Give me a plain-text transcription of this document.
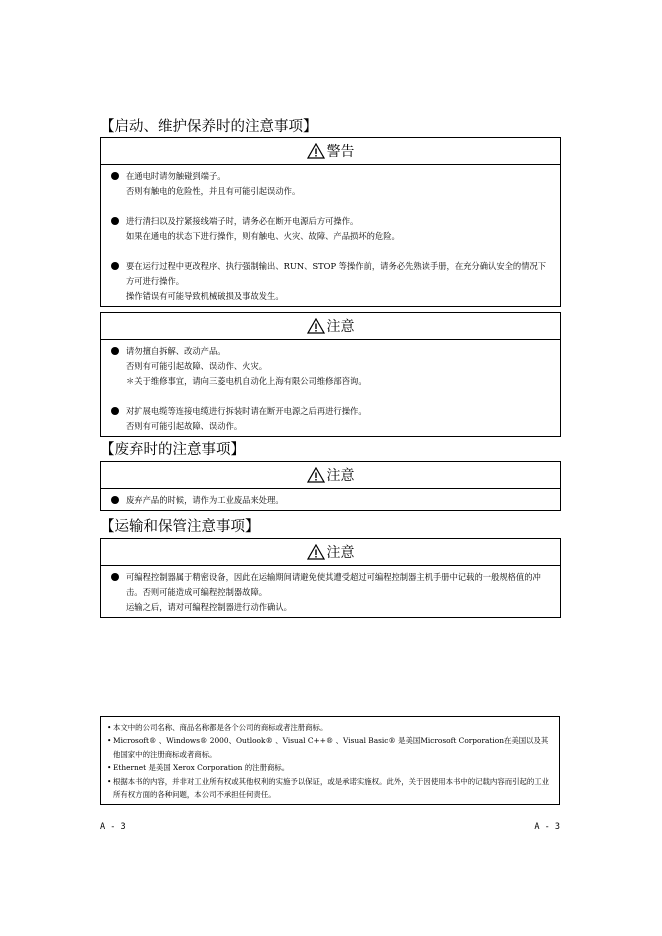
【启动、维护保养时的注意事项】
警告
在通电时请勿触碰到端子。
否则有触电的危险性，并且有可能引起误动作。
进行清扫以及拧紧接线端子时，请务必在断开电源后方可操作。
如果在通电的状态下进行操作，则有触电、火灾、故障、产品损坏的危险。
要在运行过程中更改程序、执行强制输出、RUN、STOP 等操作前，请务必先熟读手册，在充分确认安全的情况下方可进行操作。
操作错误有可能导致机械破损及事故发生。
注意
请勿擅自拆解、改动产品。
否则有可能引起故障、误动作、火灾。
＊关于维修事宜，请向三菱电机自动化上海有限公司维修部咨询。
对扩展电缆等连接电缆进行拆装时请在断开电源之后再进行操作。
否则有可能引起故障、误动作。
【废弃时的注意事项】
注意
废弃产品的时候，请作为工业废品来处理。
【运输和保管注意事项】
注意
可编程控制器属于精密设备，因此在运输期间请避免使其遭受超过可编程控制器主机手册中记载的一般规格值的冲击。否则可能造成可编程控制器故障。
运输之后，请对可编程控制器进行动作确认。
• 本文中的公司名称、商品名称都是各个公司的商标或者注册商标。
• Microsoft® 、Windows® 2000、Outlook® 、Visual C++® 、Visual Basic® 是美国Microsoft Corporation在美国以及其他国家中的注册商标或者商标。
• Ethernet 是美国 Xerox Corporation 的注册商标。
• 根据本书的内容，并非对工业所有权或其他权利的实施予以保证，或是承诺实施权。此外，关于因使用本书中的记载内容而引起的工业所有权方面的各种问题，本公司不承担任何责任。
A - 3	A - 3
